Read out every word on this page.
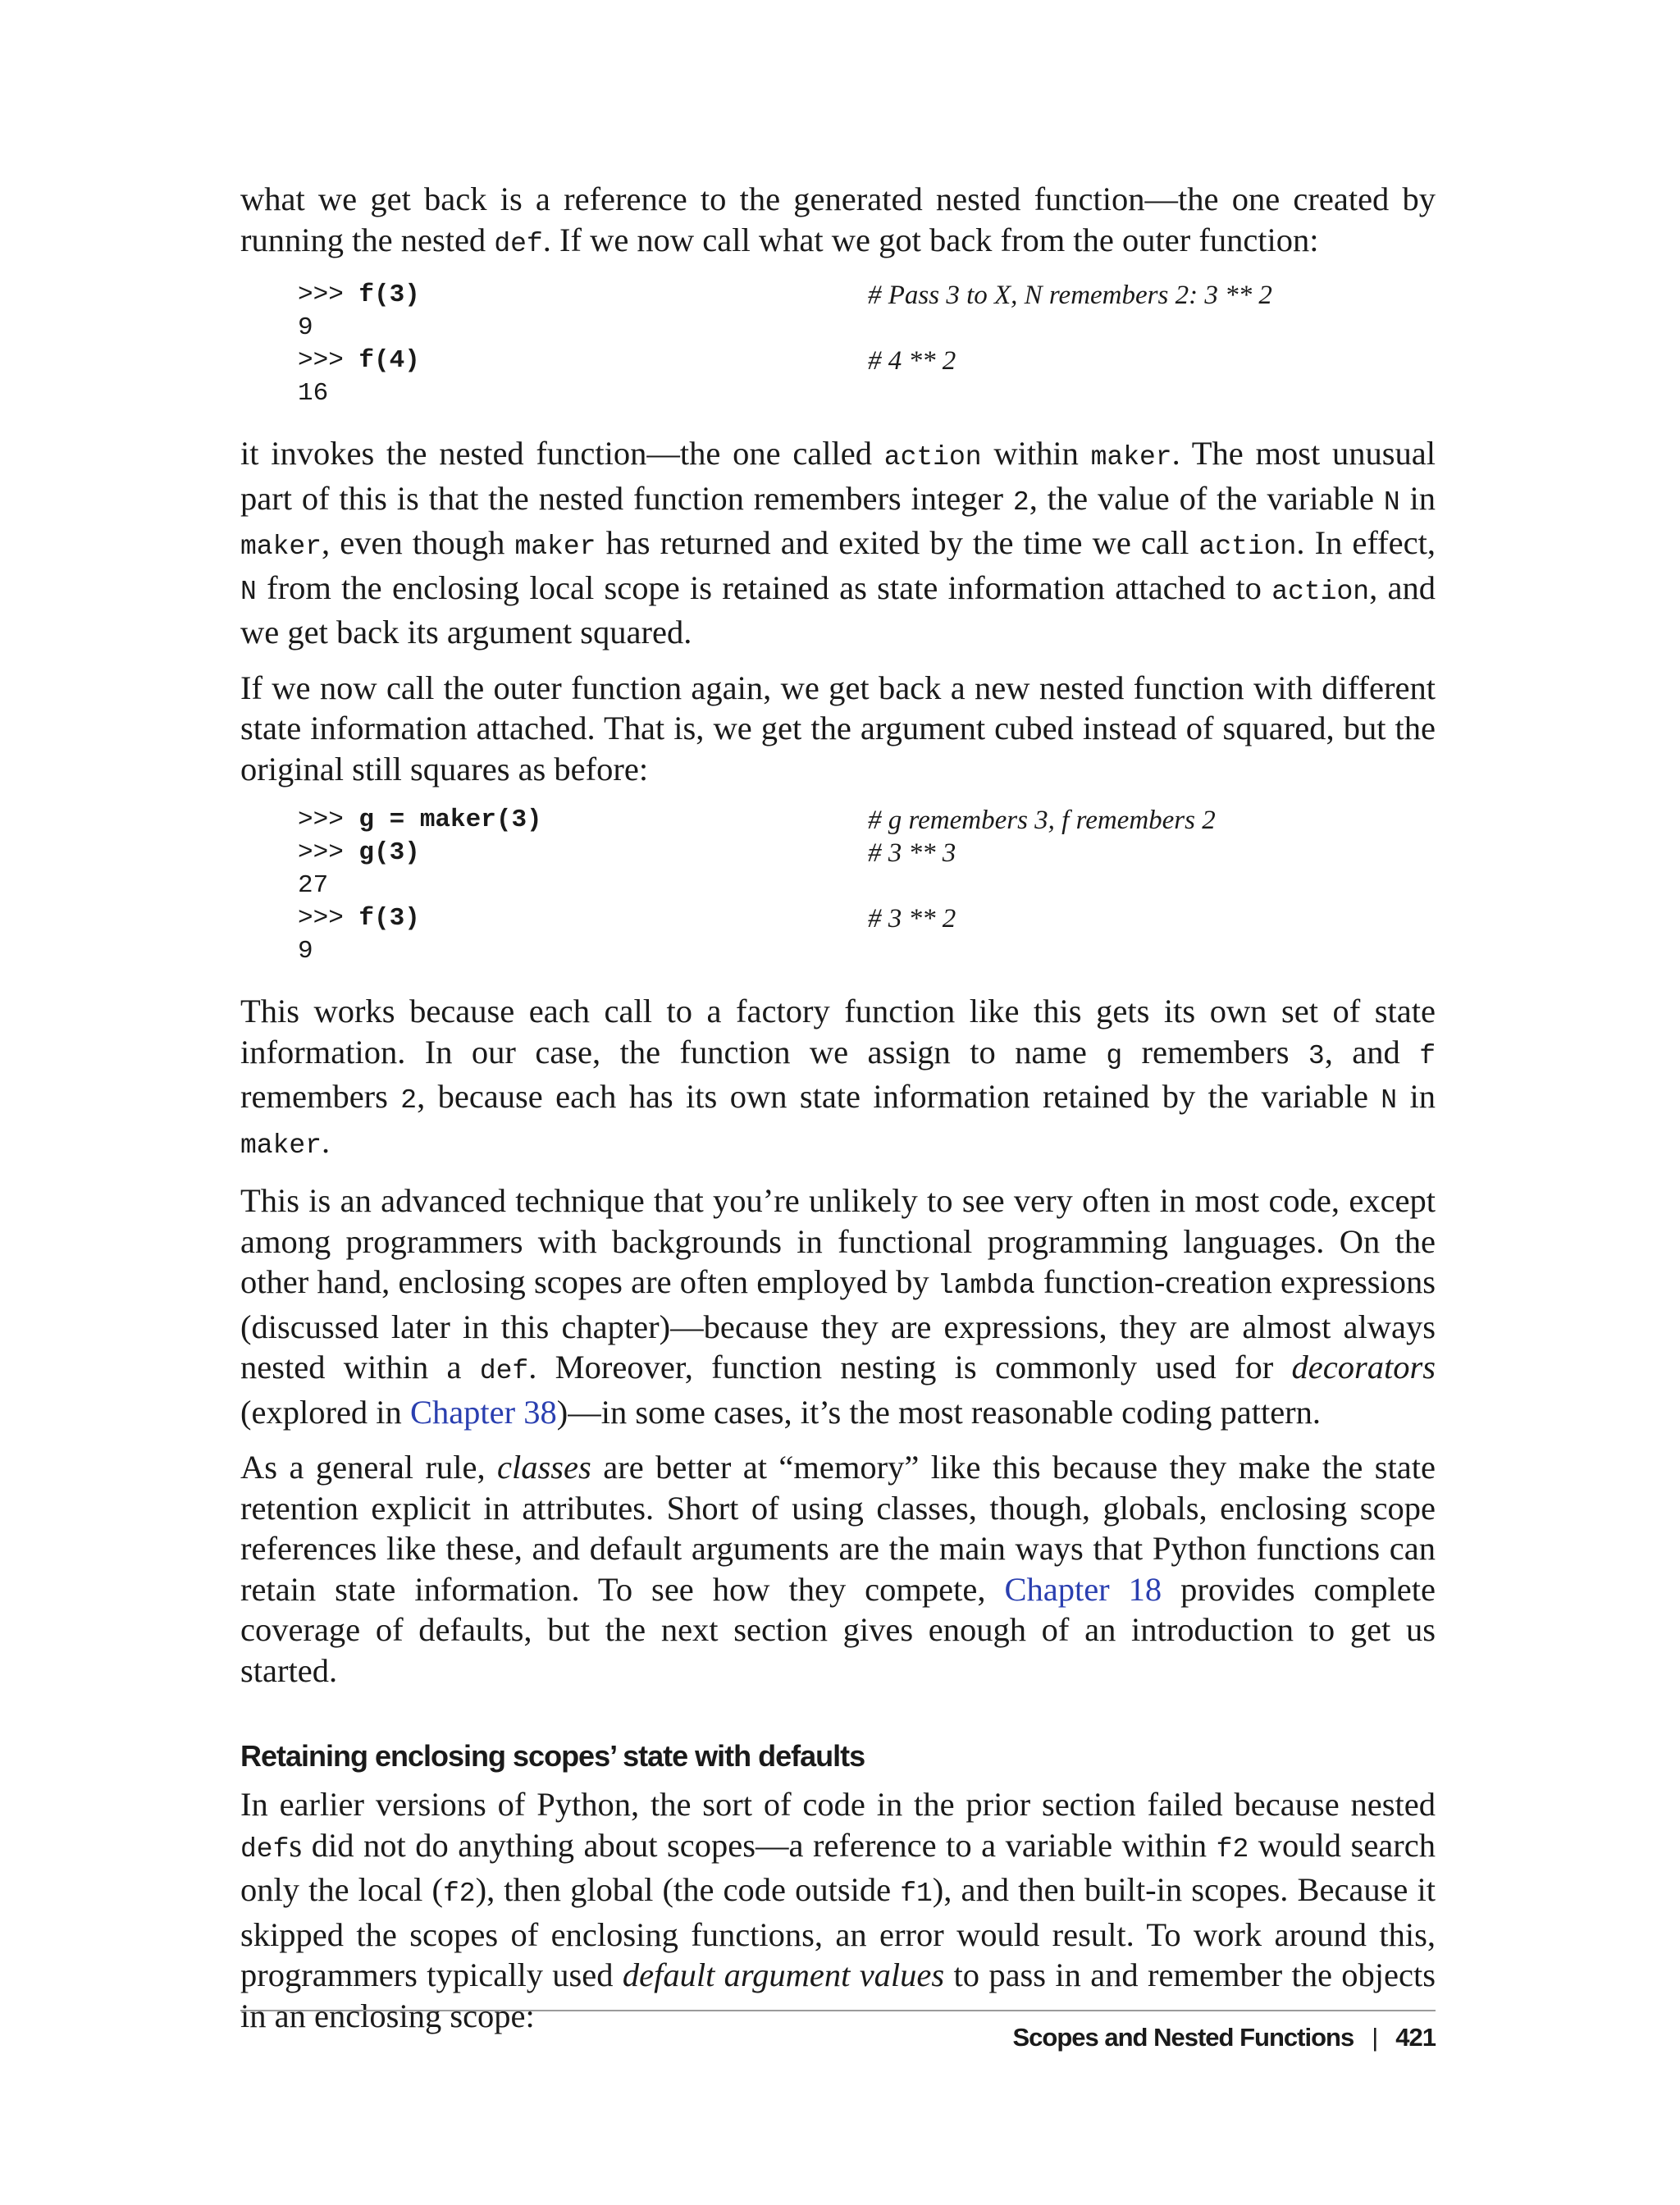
what we get back is a reference to the generated nested function—the one created by running the nested def. If we now call what we got back from the outer function:

>>> f(3)	# Pass 3 to X, N remembers 2: 3 ** 2
9
>>> f(4)	# 4 ** 2
16

it invokes the nested function—the one called action within maker. The most unusual part of this is that the nested function remembers integer 2, the value of the variable N in maker, even though maker has returned and exited by the time we call action. In effect, N from the enclosing local scope is retained as state information attached to action, and we get back its argument squared.

If we now call the outer function again, we get back a new nested function with different state information attached. That is, we get the argument cubed instead of squared, but the original still squares as before:

>>> g = maker(3)	# g remembers 3, f remembers 2
>>> g(3)	# 3 ** 3
27
>>> f(3)	# 3 ** 2
9

This works because each call to a factory function like this gets its own set of state information. In our case, the function we assign to name g remembers 3, and f remembers 2, because each has its own state information retained by the variable N in maker.

This is an advanced technique that you’re unlikely to see very often in most code, except among programmers with backgrounds in functional programming languages. On the other hand, enclosing scopes are often employed by lambda function-creation expressions (discussed later in this chapter)—because they are expressions, they are almost always nested within a def. Moreover, function nesting is commonly used for decorators (explored in Chapter 38)—in some cases, it’s the most reasonable coding pattern.

As a general rule, classes are better at “memory” like this because they make the state retention explicit in attributes. Short of using classes, though, globals, enclosing scope references like these, and default arguments are the main ways that Python functions can retain state information. To see how they compete, Chapter 18 provides complete coverage of defaults, but the next section gives enough of an introduction to get us started.

Retaining enclosing scopes’ state with defaults

In earlier versions of Python, the sort of code in the prior section failed because nested defs did not do anything about scopes—a reference to a variable within f2 would search only the local (f2), then global (the code outside f1), and then built-in scopes. Because it skipped the scopes of enclosing functions, an error would result. To work around this, programmers typically used default argument values to pass in and remember the objects in an enclosing scope:

Scopes and Nested Functions | 421
